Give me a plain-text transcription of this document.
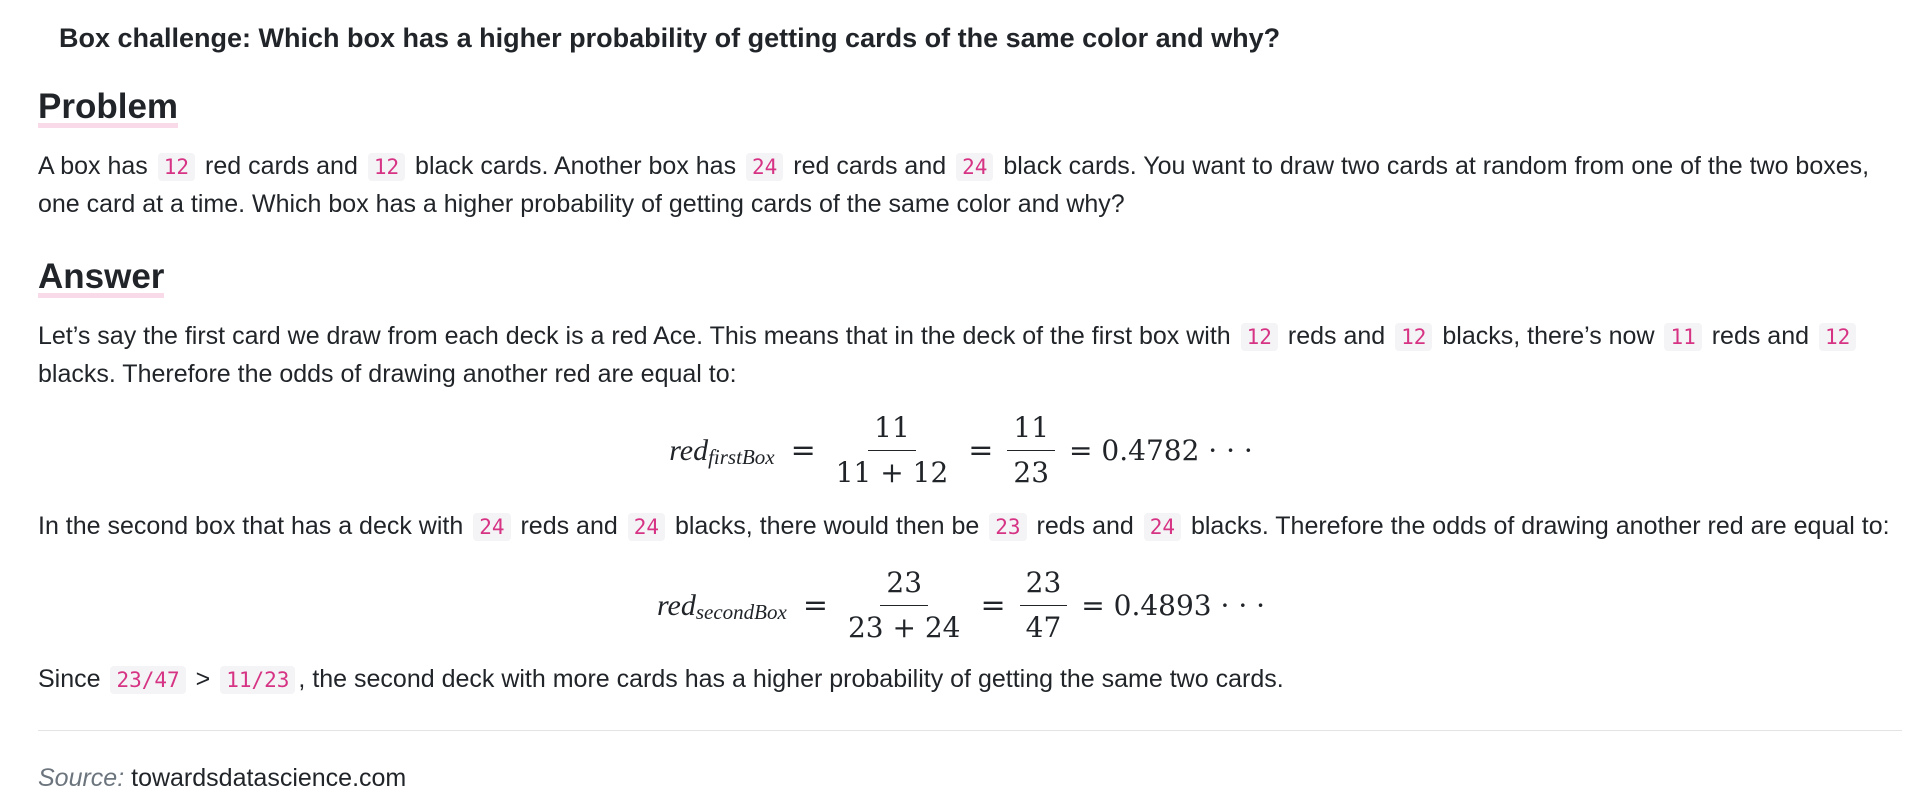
Box challenge: Which box has a higher probability of getting cards of the same color and why?
Problem

A box has 12 red cards and 12 black cards. Another box has 24 red cards and 24 black cards. You want to draw two cards at random from one of the two boxes, one card at a time. Which box has a higher probability of getting cards of the same color and why?

Answer

Let’s say the first card we draw from each deck is a red Ace. This means that in the deck of the first box with 12 reds and 12 blacks, there’s now 11 reds and 12 blacks. Therefore the odds of drawing another red are equal to:

red firstBox = $\frac{11}{11 + 12} = \frac{11}{23} = 0.4782$ · · ·

In the second box that has a deck with 24 reds and 24 blacks, there would then be 23 reds and 24 blacks. Therefore the odds of drawing another red are equal to:

red secondBox = $\frac{23}{23 + 24} = \frac{23}{47} = 0.4893$ · · ·

Since 23/47 > 11/23 , the second deck with more cards has a higher probability of getting the same two cards.

Source: towardsdatascience.com
